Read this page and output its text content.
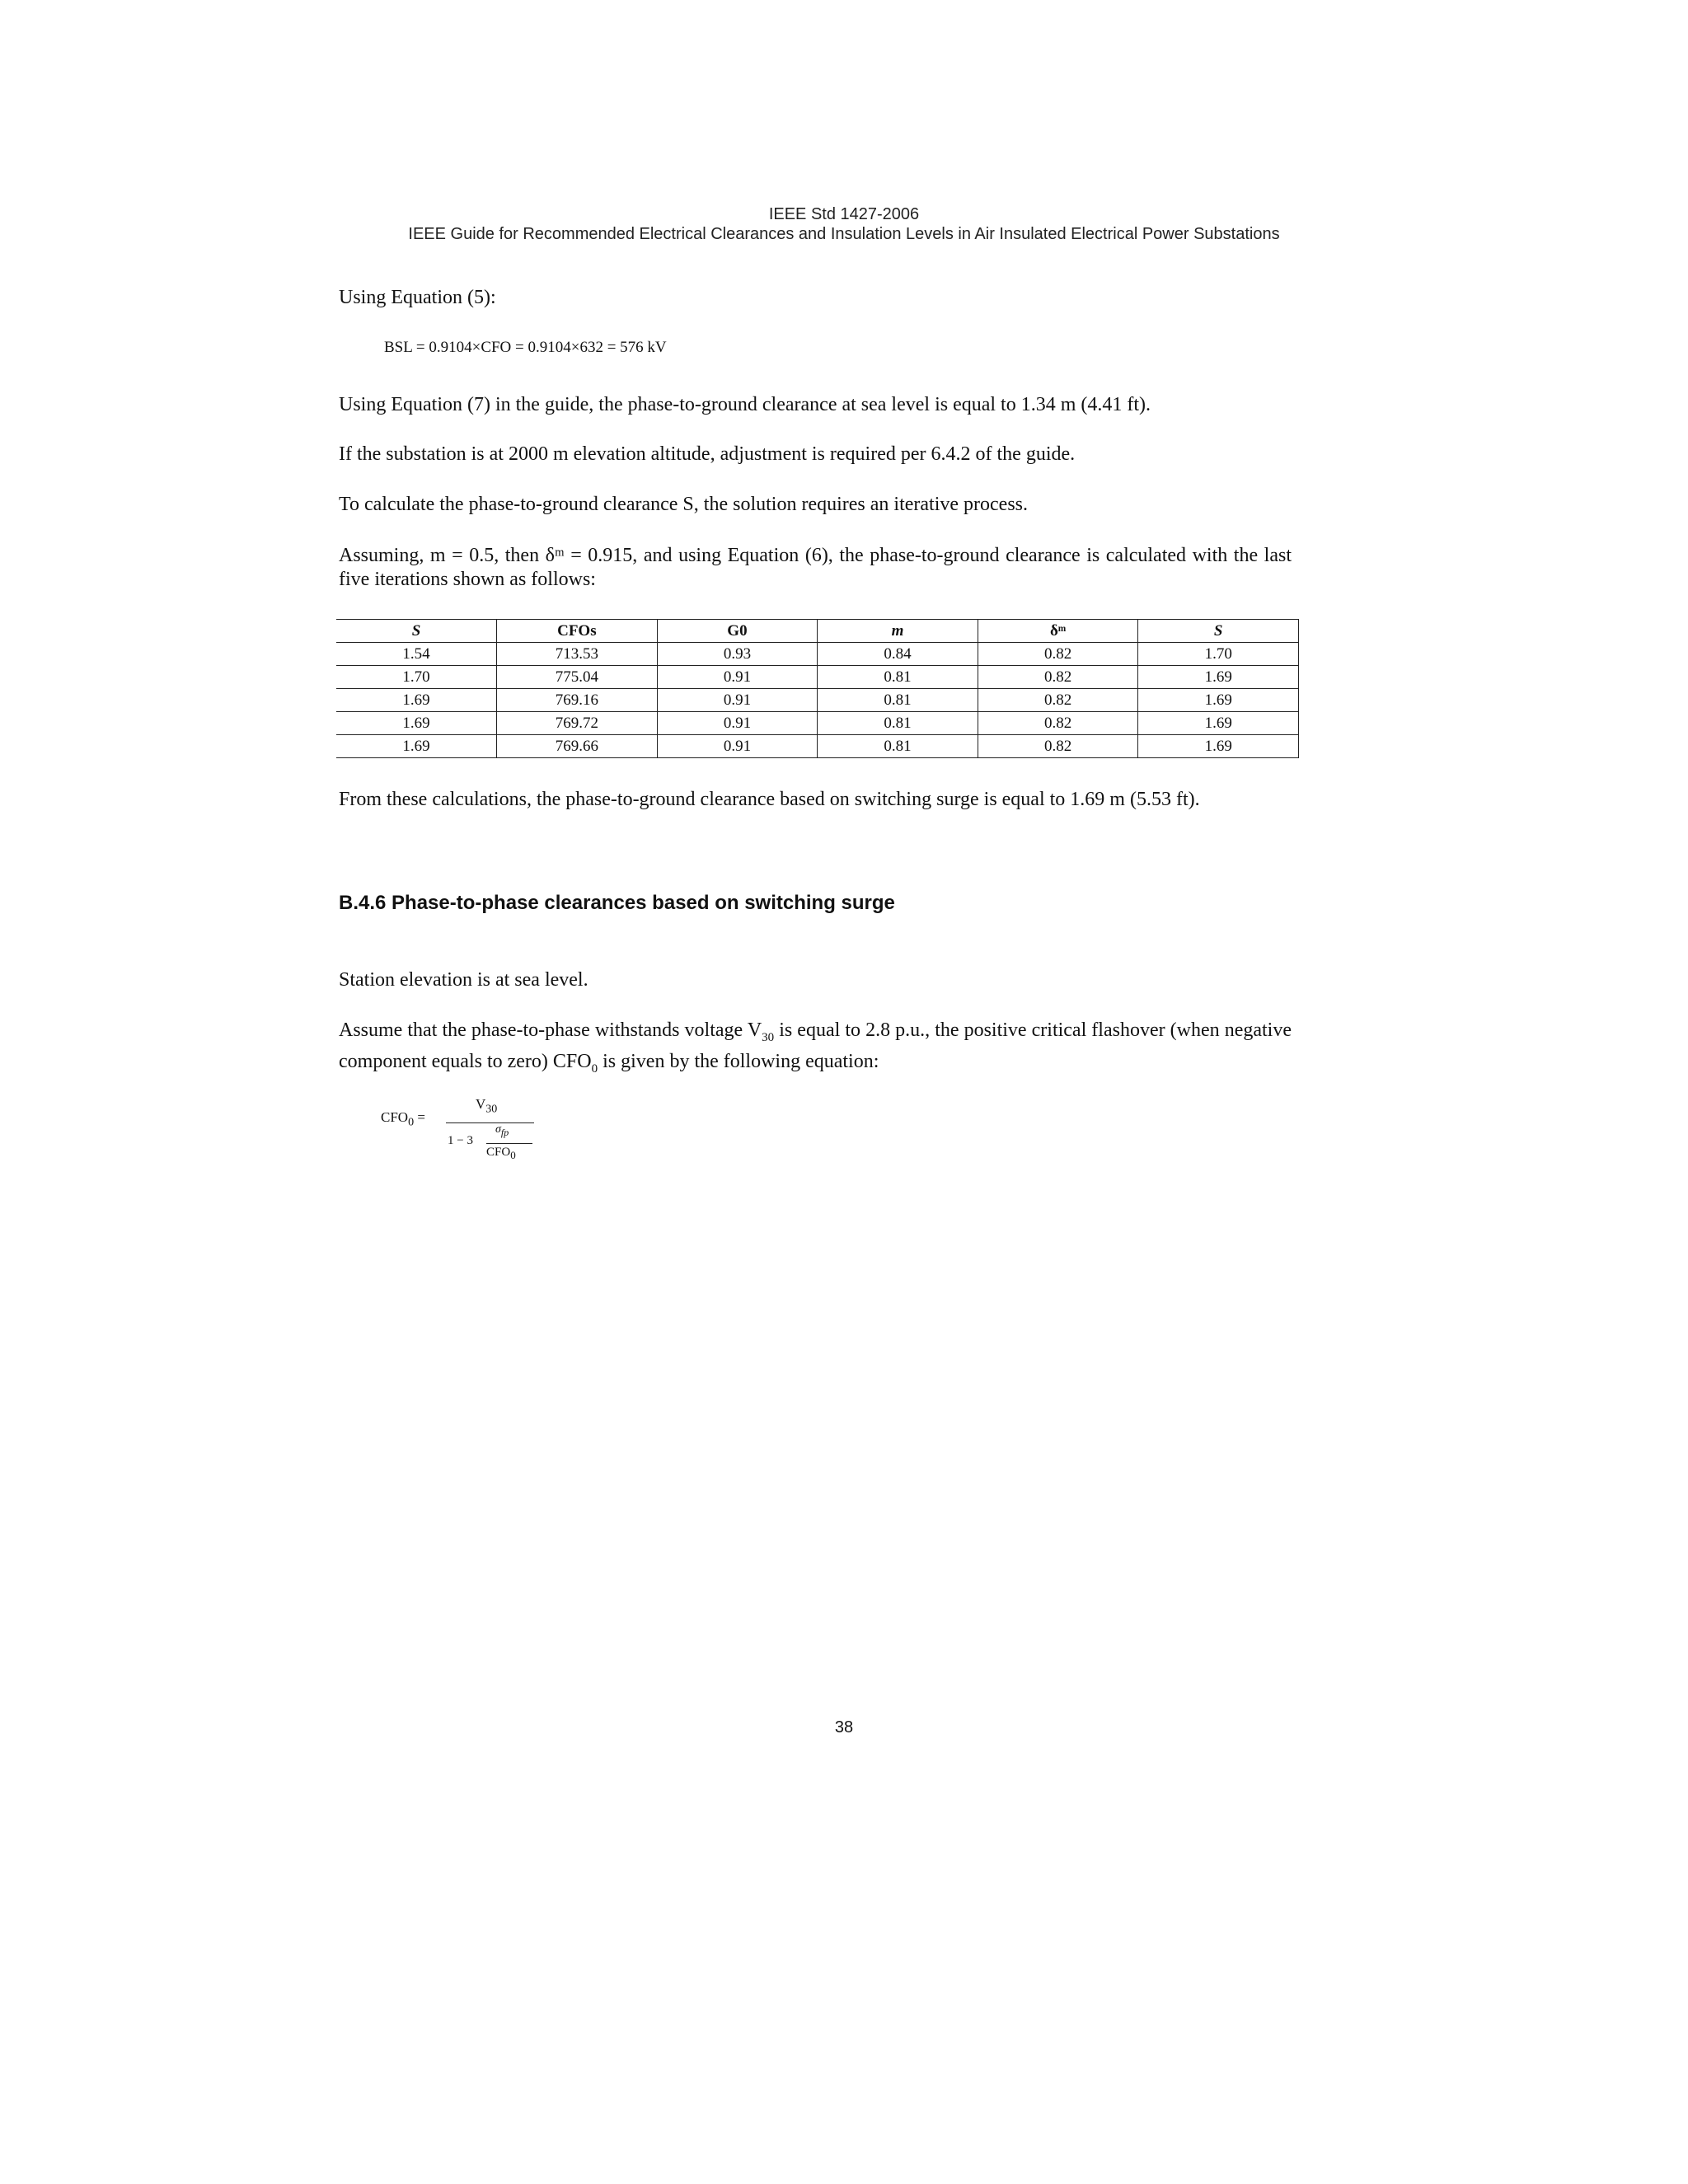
IEEE Std 1427-2006
IEEE Guide for Recommended Electrical Clearances and Insulation Levels in Air Insulated Electrical Power Substations
Using Equation (5):
BSL = 0.9104×CFO = 0.9104×632 = 576 kV
Using Equation (7) in the guide, the phase-to-ground clearance at sea level is equal to 1.34 m (4.41 ft).
If the substation is at 2000 m elevation altitude, adjustment is required per 6.4.2 of the guide.
To calculate the phase-to-ground clearance S, the solution requires an iterative process.
Assuming, m = 0.5, then δᵐ = 0.915, and using Equation (6), the phase-to-ground clearance is calculated with the last five iterations shown as follows:
S	CFOs	G0	m	δᵐ	S
1.54	713.53	0.93	0.84	0.82	1.70
1.70	775.04	0.91	0.81	0.82	1.69
1.69	769.16	0.91	0.81	0.82	1.69
1.69	769.72	0.91	0.81	0.82	1.69
1.69	769.66	0.91	0.81	0.82	1.69
From these calculations, the phase-to-ground clearance based on switching surge is equal to 1.69 m (5.53 ft).
B.4.6 Phase-to-phase clearances based on switching surge
Station elevation is at sea level.
Assume that the phase-to-phase withstands voltage $V_{30}$ is equal to 2.8 p.u., the positive critical flashover (when negative component equals to zero) $CFO_0$ is given by the following equation:
$CFO_0$ =
$V_{30}$
1 − 3
$\sigma_{fp}$
$CFO_0$
38
